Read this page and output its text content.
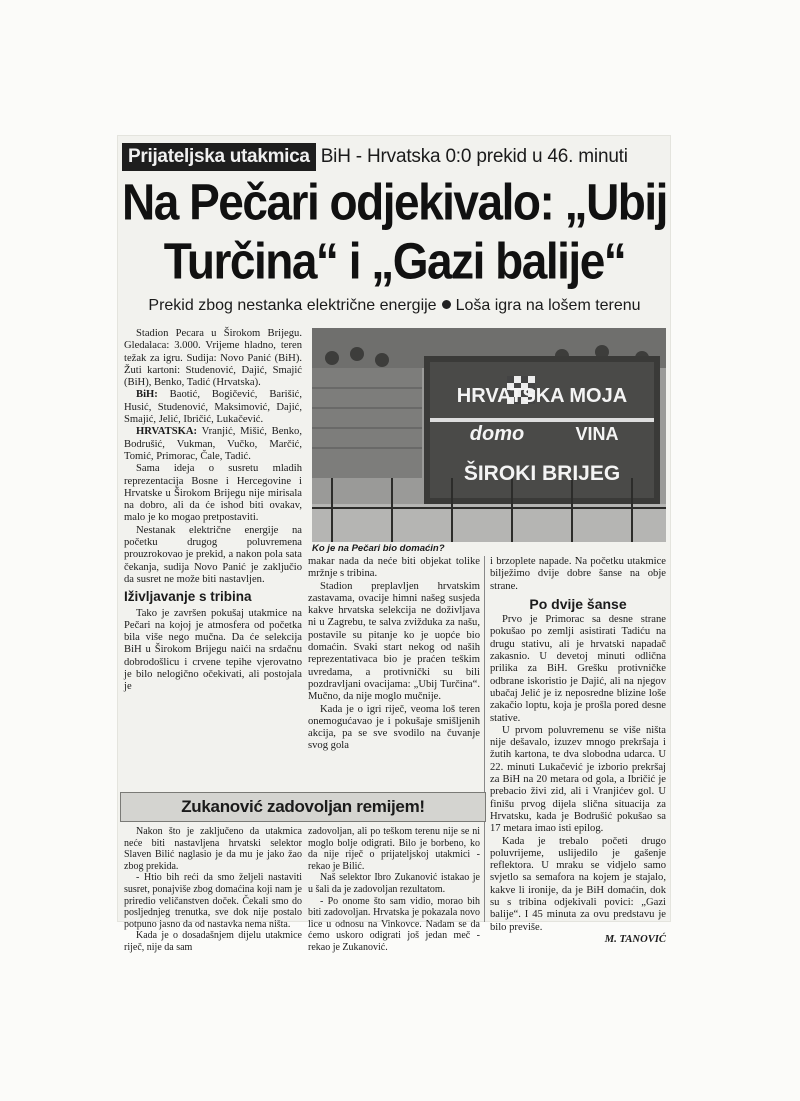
Prijateljska utakmica BiH - Hrvatska 0:0 prekid u 46. minuti
Na Pečari odjekivalo: „Ubij Turčina“ i „Gazi balije“
Prekid zbog nestanka električne energije Loša igra na lošem terenu

Stadion Pecara u Širokom Brijegu. Gledalaca: 3.000. Vrijeme hladno, teren težak za igru. Sudija: Novo Panić (BiH). Žuti kartoni: Studenović, Dajić, Smajić (BiH), Benko, Tadić (Hrvatska).

BiH: Baotić, Bogičević, Barišić, Husić, Studenović, Maksimović, Dajić, Smajić, Jelić, Ibričić, Lukačević.

HRVATSKA: Vranjić, Mišić, Benko, Bodrušić, Vukman, Vučko, Marčić, Tomić, Primorac, Čale, Tadić.

Sama ideja o susretu mladih reprezentacija Bosne i Hercegovine i Hrvatske u Širokom Brijegu nije mirisala na dobro, ali da će ishod biti ovakav, malo je ko mogao pretpostaviti.

Nestanak električne energije na početku drugog poluvremena prouzrokovao je prekid, a nakon pola sata čekanja, sudija Novo Panić je zaključio da susret ne može biti nastavljen.

Iživljavanje s tribina

Tako je završen pokušaj utakmice na Pečari na kojoj je atmosfera od početka bila više nego mučna. Da će selekcija BiH u Širokom Brijegu naići na srdačnu dobrodošlicu i crvene tepihe vjerovatno je bilo nelogično očekivati, ali postojala je

HRVATSKA MOJA
domo	VINA
ŠIROKI BRIJEG
Ko je na Pečari bio domaćin?

makar nada da neće biti objekat tolike mržnje s tribina.

Stadion preplavljen hrvatskim zastavama, ovacije himni našeg susjeda kakve hrvatska selekcija ne doživljava ni u Zagrebu, te salva zvižduka za našu, postavile su pitanje ko je uopće bio domaćin. Svaki start nekog od naših reprezentativaca bio je praćen teškim uvredama, a protivnički su bili pozdravljani ovacijama: „Ubij Turčina“. Mučno, da nije moglo mučnije.

Kada je o igri riječ, veoma loš teren onemogućavao je i pokušaje smišljenih akcija, pa se sve svodilo na čuvanje svog gola

i brzoplete napade. Na početku utakmice bilježimo dvije dobre šanse na obje strane.

Po dvije šanse

Prvo je Primorac sa desne strane pokušao po zemlji asistirati Tadiću na drugu stativu, ali je hrvatski napadač zakasnio. U devetoj minuti odlična prilika za BiH. Grešku protivničke odbrane iskoristio je Dajić, ali na njegov ubačaj Jelić je iz neposredne blizine loše zakačio loptu, koja je prošla pored desne stative.

U prvom poluvremenu se više ništa nije dešavalo, izuzev mnogo prekršaja i žutih kartona, te dva slobodna udarca. U 22. minuti Lukačević je izborio prekršaj za BiH na 20 metara od gola, a Ibričić je prebacio živi zid, ali i Vranjićev gol. U finišu prvog dijela slična situacija za Hrvatsku, kada je Bodrušić pokušao sa 17 metara imao isti epilog.

Kada je trebalo početi drugo poluvrijeme, uslijedilo je gašenje reflektora. U mraku se vidjelo samo svjetlo sa semafora na kojem je stajalo, kakve li ironije, da je BiH domaćin, dok su s tribina odjekivali povici: „Gazi balije“. I 45 minuta za ovu predstavu je bilo previše.

M. TANOVIĆ

Zukanović zadovoljan remijem!

Nakon što je zaključeno da utakmica neće biti nastavljena hrvatski selektor Slaven Bilić naglasio je da mu je jako žao zbog prekida.

- Htio bih reći da smo željeli nastaviti susret, ponajviše zbog domaćina koji nam je priredio veličanstven doček. Čekali smo do posljednjeg trenutka, sve dok nije postalo potpuno jasno da od nastavka nema ništa.

Kada je o dosadašnjem dijelu utakmice riječ, nije da sam

zadovoljan, ali po teškom terenu nije se ni moglo bolje odigrati. Bilo je borbeno, ko da nije riječ o prijateljskoj utakmici - rekao je Bilić.

Naš selektor Ibro Zukanović istakao je u šali da je zadovoljan rezultatom.

- Po onome što sam vidio, morao bih biti zadovoljan. Hrvatska je pokazala novo lice u odnosu na Vinkovce. Nadam se da ćemo uskoro odigrati još jedan meč - rekao je Zukanović.
